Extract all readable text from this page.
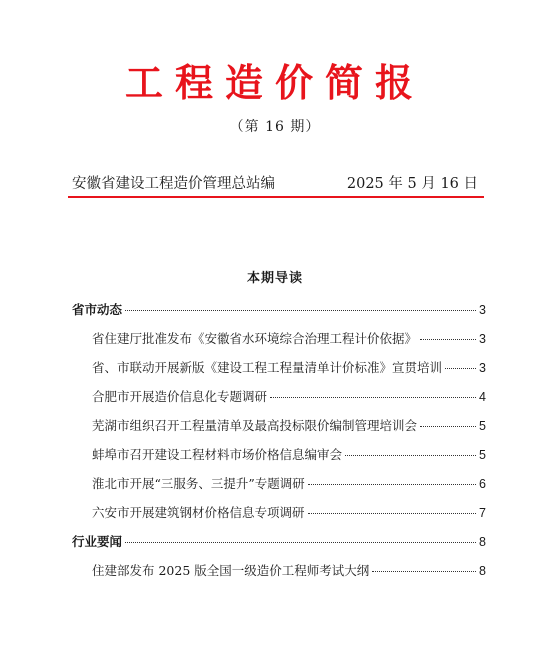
工程造价简报
（第 16 期）
安徽省建设工程造价管理总站编	2025 年 5 月 16 日
本期导读
省市动态	3
省住建厅批准发布《安徽省水环境综合治理工程计价依据》	3
省、市联动开展新版《建设工程工程量清单计价标准》宣贯培训	3
合肥市开展造价信息化专题调研	4
芜湖市组织召开工程量清单及最高投标限价编制管理培训会	5
蚌埠市召开建设工程材料市场价格信息编审会	5
淮北市开展“三服务、三提升”专题调研	6
六安市开展建筑钢材价格信息专项调研	7
行业要闻	8
住建部发布 2025 版全国一级造价工程师考试大纲	8
